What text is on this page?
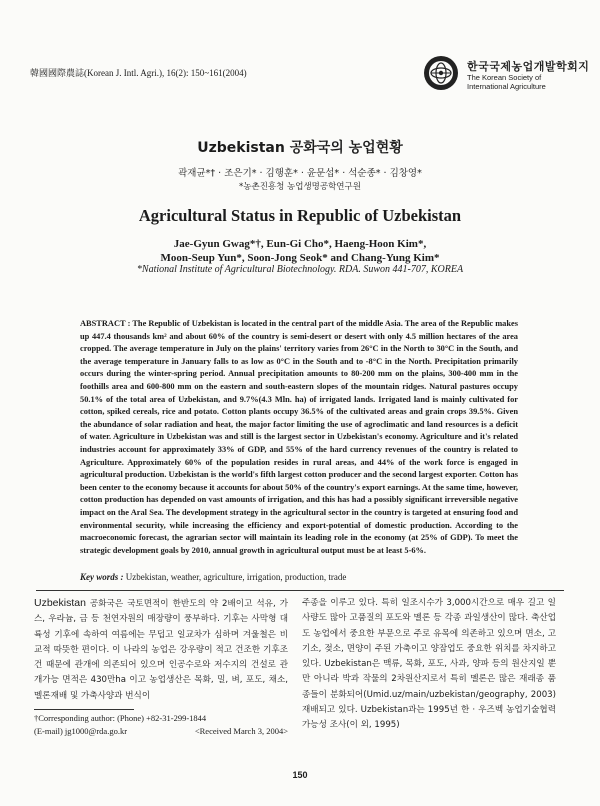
韓國國際農誌(Korean J. Intl. Agri.), 16(2): 150~161(2004)	한국국제농업개발학회지
The Korean Society of International Agriculture
Uzbekistan 공화국의 농업현황
곽재균*† · 조은기* · 김행훈* · 윤문섭* · 석순종* · 김창영*
*농촌진흥청 농업생명공학연구원
Agricultural Status in Republic of Uzbekistan
Jae-Gyun Gwag*†, Eun-Gi Cho*, Haeng-Hoon Kim*,
Moon-Seup Yun*, Soon-Jong Seok* and Chang-Yung Kim*
*National Institute of Agricultural Biotechnology. RDA. Suwon 441-707, KOREA
ABSTRACT : The Republic of Uzbekistan is located in the central part of the middle Asia. The area of the Republic makes up 447.4 thousands km² and about 60% of the country is semi-desert or desert with only 4.5 million hectares of the area cropped. The average temperature in July on the plains' territory varies from 26°C in the North to 30°C in the South, and the average temperature in January falls to as low as 0°C in the South and to -8°C in the North. Precipitation primarily occurs during the winter-spring period. Annual precipitation amounts to 80-200 mm on the plains, 300-400 mm in the foothills area and 600-800 mm on the eastern and south-eastern slopes of the mountain ridges. Natural pastures occupy 50.1% of the total area of Uzbekistan, and 9.7%(4.3 Mln. ha) of irrigated lands. Irrigated land is mainly cultivated for cotton, spiked cereals, rice and potato. Cotton plants occupy 36.5% of the cultivated areas and grain crops 39.5%. Given the abundance of solar radiation and heat, the major factor limiting the use of agroclimatic and land resources is a deficit of water. Agriculture in Uzbekistan was and still is the largest sector in Uzbekistan's economy. Agriculture and it's related industries account for approximately 33% of GDP, and 55% of the hard currency revenues of the country is related to Agriculture. Approximately 60% of the population resides in rural areas, and 44% of the work force is engaged in agricultural production. Uzbekistan is the world's fifth largest cotton producer and the second largest exporter. Cotton has been center to the economy because it accounts for about 50% of the country's export earnings. At the same time, however, cotton production has depended on vast amounts of irrigation, and this has had a possibly significant irreversible negative impact on the Aral Sea. The development strategy in the agricultural sector in the country is targeted at ensuring food and environmental security, while increasing the efficiency and export-potential of domestic production. According to the macroeconomic forecast, the agrarian sector will maintain its leading role in the economy (at 25% of GDP). To meet the strategic development goals by 2010, annual growth in agricultural output must be at least 5-6%.
Key words : Uzbekistan, weather, agriculture, irrigation, production, trade
Uzbekistan 공화국은 국토면적이 한반도의 약 2배이고 석유, 가스, 우라늄, 금 등 천연자원의 매장량이 풍부하다. 기후는 사막형 대륙성 기후에 속하여 여름에는 무덥고 일교차가 심하며 겨울철은 비교적 따뜻한 편이다. 이 나라의 농업은 강우량이 적고 건조한 기후조건 때문에 관개에 의존되어 있으며 인공수로와 저수지의 건설로 관개가능 면적은 430만ha 이고 농업생산은 목화, 밀, 벼, 포도, 채소, 멜론재배 및 가축사양과 번식이
주종을 이루고 있다. 특히 일조시수가 3,000시간으로 매우 길고 일사량도 많아 고품질의 포도와 멜론 등 각종 과일생산이 많다. 축산업도 농업에서 중요한 부문으로 주로 유목에 의존하고 있으며 면소, 고기소, 젖소, 면양이 주된 가축이고 양잠업도 중요한 위치를 차지하고 있다. Uzbekistan은 맥류, 목화, 포도, 사과, 양파 등의 원산지일 뿐만 아니라 박과 작물의 2차원산지로서 특히 멜론은 많은 재래종 품종들이 분화되어(Umid.uz/main/uzbekistan/geography, 2003) 재배되고 있다. Uzbekistan과는 1995년 한 · 우즈벡 농업기술협력 가능성 조사(이 외, 1995)
†Corresponding author: (Phone) +82-31-299-1844
(E-mail) jg1000@rda.go.kr	<Received March 3, 2004>
150
